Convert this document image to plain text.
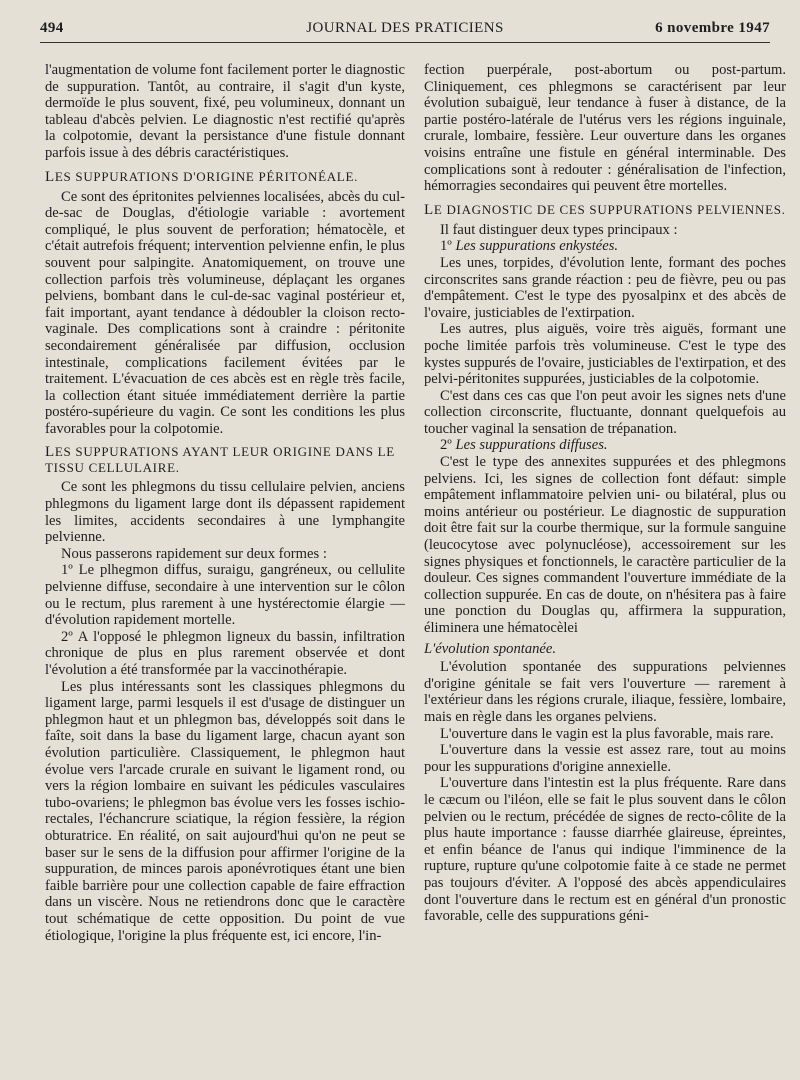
494	JOURNAL DES PRATICIENS	6 novembre 1947

l'augmentation de volume font facilement porter le diagnostic de suppuration. Tantôt, au contraire, il s'agit d'un kyste, dermoïde le plus souvent, fixé, peu volumineux, donnant un tableau d'abcès pelvien. Le diagnostic n'est rectifié qu'après la colpotomie, devant la persistance d'une fistule donnant parfois issue à des débris caractéristiques.

LES SUPPURATIONS D'ORIGINE PÉRITONÉALE.

Ce sont des épritonites pelviennes localisées, abcès du cul-de-sac de Douglas, d'étiologie variable : avortement compliqué, le plus souvent de perforation; hématocèle, et c'était autrefois fréquent; intervention pelvienne enfin, le plus souvent pour salpingite. Anatomiquement, on trouve une collection parfois très volumineuse, déplaçant les organes pelviens, bombant dans le cul-de-sac vaginal postérieur et, fait important, ayant tendance à dédoubler la cloison recto-vaginale. Des complications sont à craindre : péritonite secondairement généralisée par diffusion, occlusion intestinale, complications facilement évitées par le traitement. L'évacuation de ces abcès est en règle très facile, la collection étant située immédiatement derrière la partie postéro-supérieure du vagin. Ce sont les conditions les plus favorables pour la colpotomie.

LES SUPPURATIONS AYANT LEUR ORIGINE DANS LE TISSU CELLULAIRE.

Ce sont les phlegmons du tissu cellulaire pelvien, anciens phlegmons du ligament large dont ils dépassent rapidement les limites, accidents secondaires à une lymphangite pelvienne.

Nous passerons rapidement sur deux formes :

1º Le plhegmon diffus, suraigu, gangréneux, ou cellulite pelvienne diffuse, secondaire à une intervention sur le côlon ou le rectum, plus rarement à une hystérectomie élargie — d'évolution rapidement mortelle.

2º A l'opposé le phlegmon ligneux du bassin, infiltration chronique de plus en plus rarement observée et dont l'évolution a été transformée par la vaccinothérapie.

Les plus intéressants sont les classiques phlegmons du ligament large, parmi lesquels il est d'usage de distinguer un phlegmon haut et un phlegmon bas, développés soit dans le faîte, soit dans la base du ligament large, chacun ayant son évolution particulière. Classiquement, le phlegmon haut évolue vers l'arcade crurale en suivant le ligament rond, ou vers la région lombaire en suivant les pédicules vasculaires tubo-ovariens; le phlegmon bas évolue vers les fosses ischio-rectales, l'échancrure sciatique, la région fessière, la région obturatrice. En réalité, on sait aujourd'hui qu'on ne peut se baser sur le sens de la diffusion pour affirmer l'origine de la suppuration, de minces parois aponévrotiques étant une bien faible barrière pour une collection capable de faire effraction dans un viscère. Nous ne retiendrons donc que le caractère tout schématique de cette opposition. Du point de vue étiologique, l'origine la plus fréquente est, ici encore, l'in-

fection puerpérale, post-abortum ou post-partum. Cliniquement, ces phlegmons se caractérisent par leur évolution subaiguë, leur tendance à fuser à distance, de la partie postéro-latérale de l'utérus vers les régions inguinale, crurale, lombaire, fessière. Leur ouverture dans les organes voisins entraîne une fistule en général interminable. Des complications sont à redouter : généralisation de l'infection, hémorragies secondaires qui peuvent être mortelles.

LE DIAGNOSTIC DE CES SUPPURATIONS PELVIENNES.

Il faut distinguer deux types principaux :

1º Les suppurations enkystées.

Les unes, torpides, d'évolution lente, formant des poches circonscrites sans grande réaction : peu de fièvre, peu ou pas d'empâtement. C'est le type des pyosalpinx et des abcès de l'ovaire, justiciables de l'extirpation.

Les autres, plus aiguës, voire très aiguës, formant une poche limitée parfois très volumineuse. C'est le type des kystes suppurés de l'ovaire, justiciables de l'extirpation, et des pelvi-péritonites suppurées, justiciables de la colpotomie.

C'est dans ces cas que l'on peut avoir les signes nets d'une collection circonscrite, fluctuante, donnant quelquefois au toucher vaginal la sensation de trépanation.

2º Les suppurations diffuses.

C'est le type des annexites suppurées et des phlegmons pelviens. Ici, les signes de collection font défaut: simple empâtement inflammatoire pelvien uni- ou bilatéral, plus ou moins antérieur ou postérieur. Le diagnostic de suppuration doit être fait sur la courbe thermique, sur la formule sanguine (leucocytose avec polynucléose), accessoirement sur les signes physiques et fonctionnels, le caractère particulier de la douleur. Ces signes commandent l'ouverture immédiate de la collection suppurée. En cas de doute, on n'hésitera pas à faire une ponction du Douglas qu, affirmera la suppuration, éliminera une hématocèlei

L'évolution spontanée.

L'évolution spontanée des suppurations pelviennes d'origine génitale se fait vers l'ouverture — rarement à l'extérieur dans les régions crurale, iliaque, fessière, lombaire, mais en règle dans les organes pelviens.

L'ouverture dans le vagin est la plus favorable, mais rare.

L'ouverture dans la vessie est assez rare, tout au moins pour les suppurations d'origine annexielle.

L'ouverture dans l'intestin est la plus fréquente. Rare dans le cæcum ou l'iléon, elle se fait le plus souvent dans le côlon pelvien ou le rectum, précédée de signes de recto-côlite de la plus haute importance : fausse diarrhée glaireuse, épreintes, et enfin béance de l'anus qui indique l'imminence de la rupture, rupture qu'une colpotomie faite à ce stade ne permet pas toujours d'éviter. A l'opposé des abcès appendiculaires dont l'ouverture dans le rectum est en général d'un pronostic favorable, celle des suppurations géni-
